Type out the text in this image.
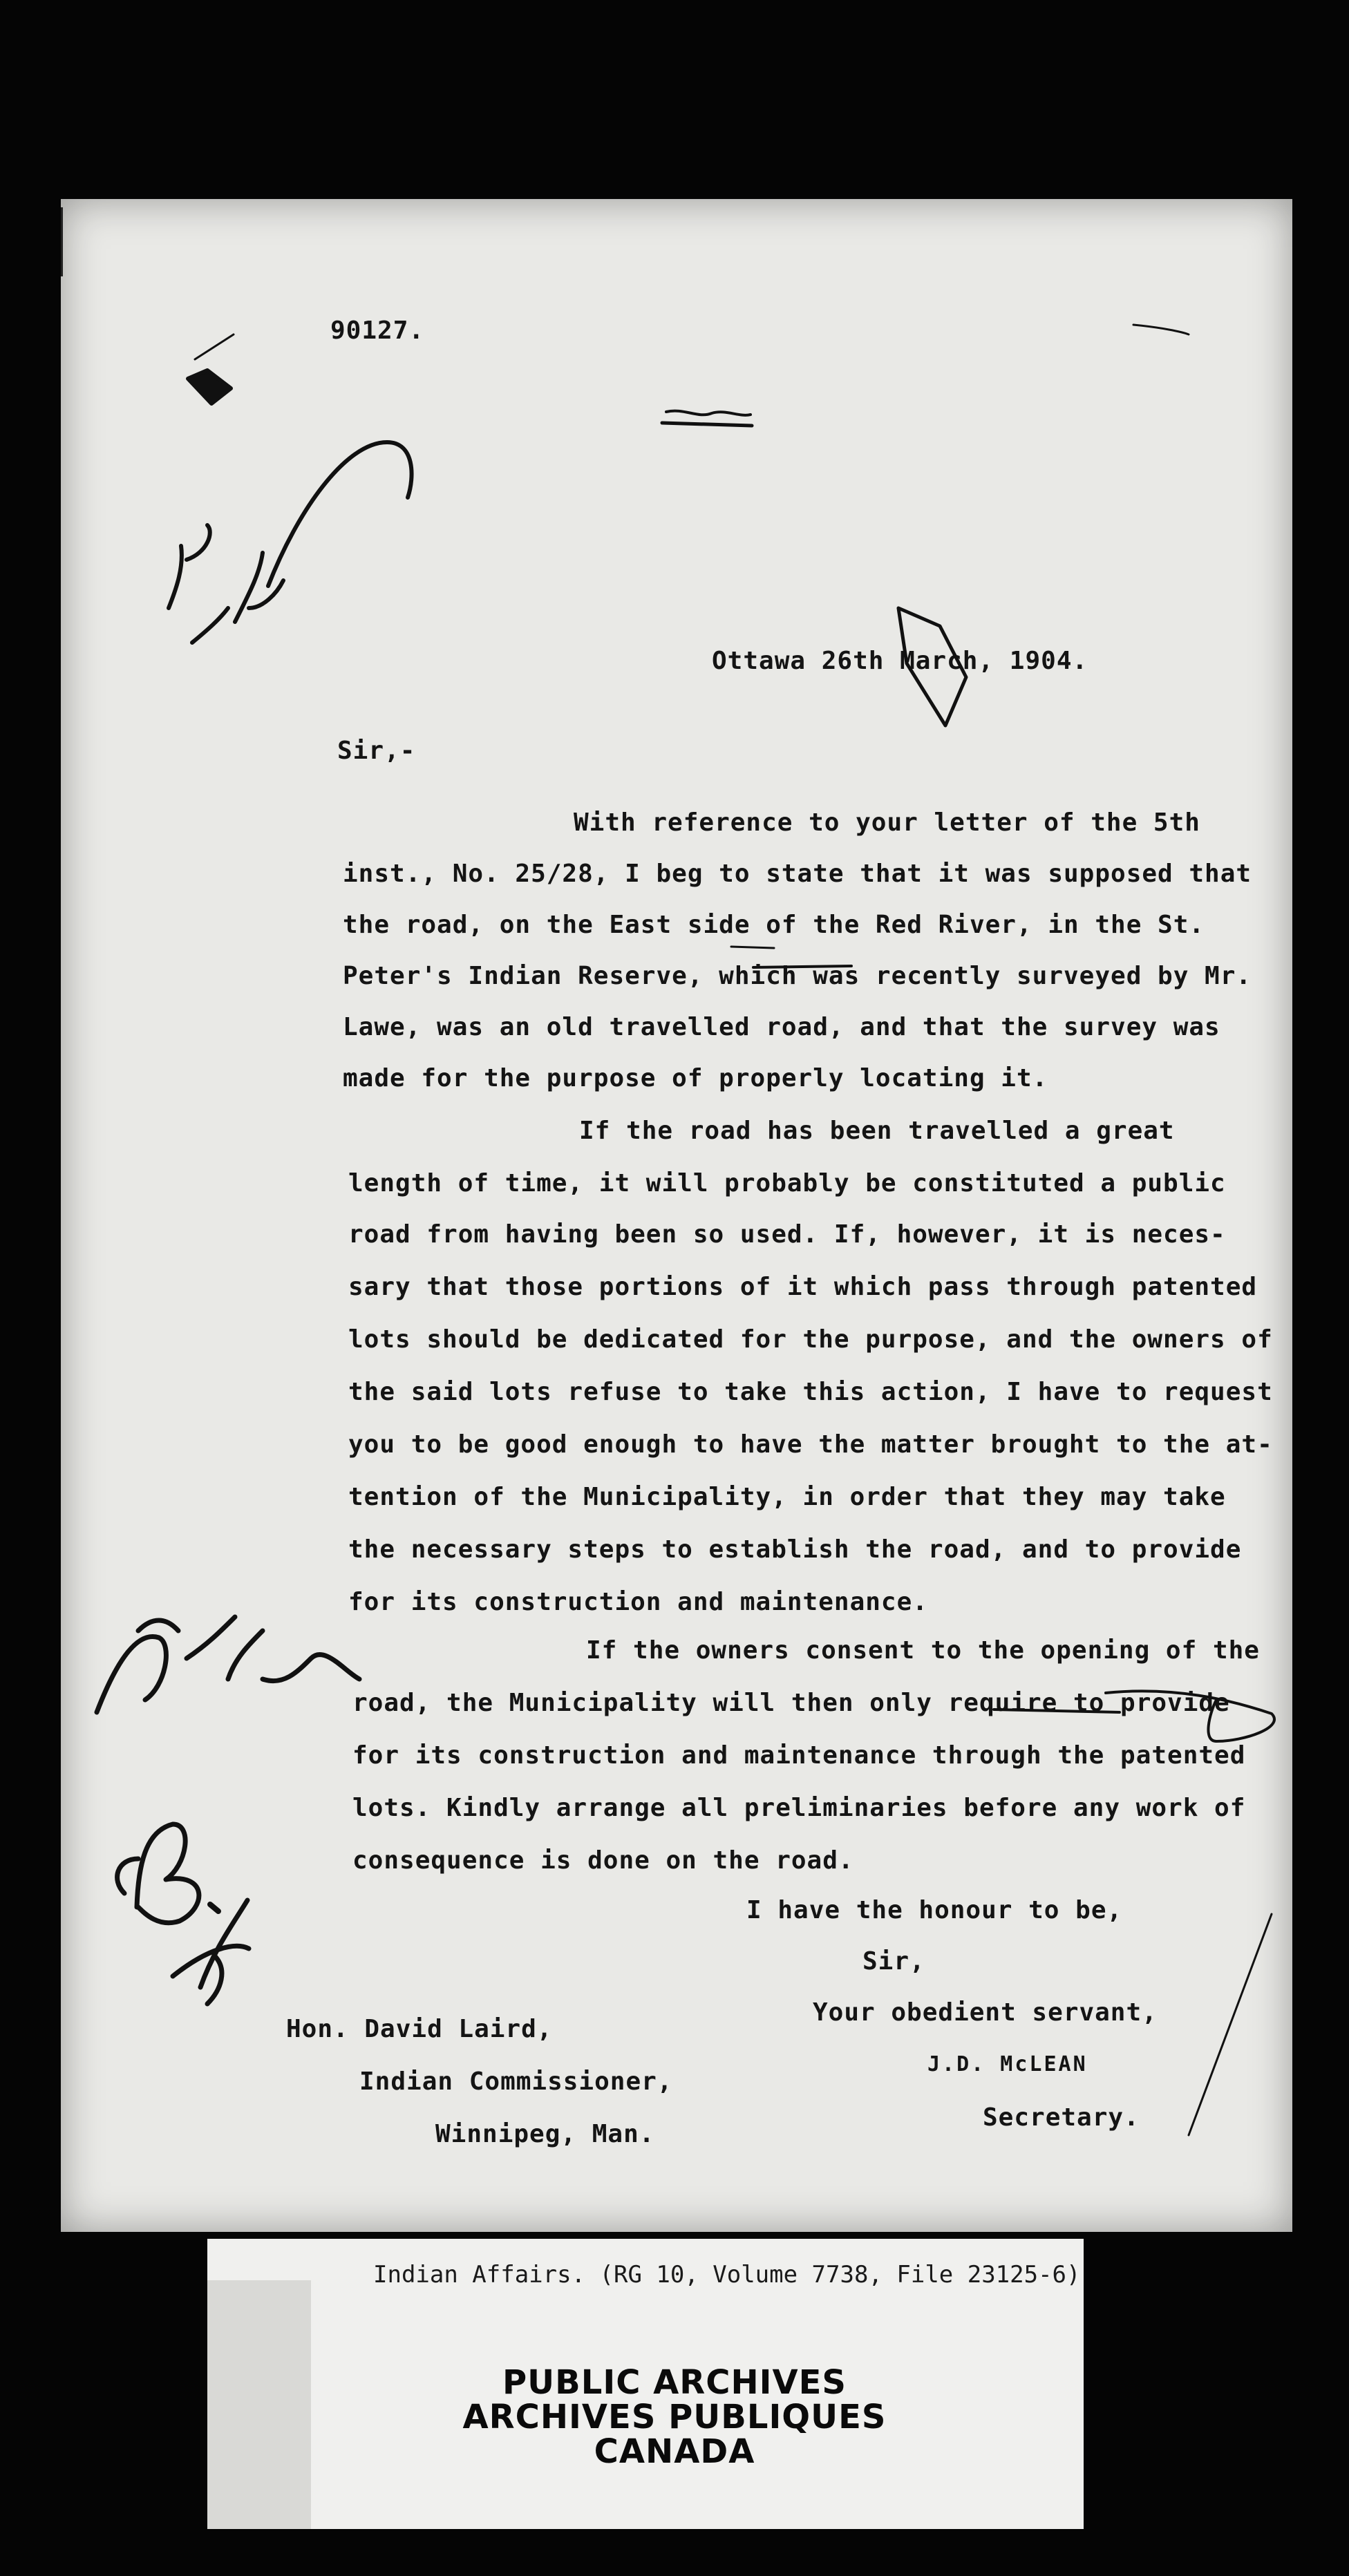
90127.
Ottawa 26th March, 1904.
Sir,-
With reference to your letter of the 5th
inst., No. 25/28, I beg to state that it was supposed that
the road, on the East side of the Red River, in the St.
Peter's Indian Reserve, which was recently surveyed by Mr.
Lawe, was an old travelled road, and that the survey was
made for the purpose of properly locating it.
If the road has been travelled a great
length of time, it will probably be constituted a public
road from having been so used. If, however, it is neces-
sary that those portions of it which pass through patented
lots should be dedicated for the purpose, and the owners of
the said lots refuse to take this action, I have to request
you to be good enough to have the matter brought to the at-
tention of the Municipality, in order that they may take
the necessary steps to establish the road, and to provide
for its construction and maintenance.
If the owners consent to the opening of the
road, the Municipality will then only require to provide
for its construction and maintenance through the patented
lots. Kindly arrange all preliminaries before any work of
consequence is done on the road.
I have the honour to be,
Sir,
Your obedient servant,
J.D. McLEAN
Secretary.
Hon. David Laird,
Indian Commissioner,
Winnipeg, Man.
Indian Affairs. (RG 10, Volume 7738, File 23125-6)
PUBLIC ARCHIVES
ARCHIVES PUBLIQUES
CANADA
